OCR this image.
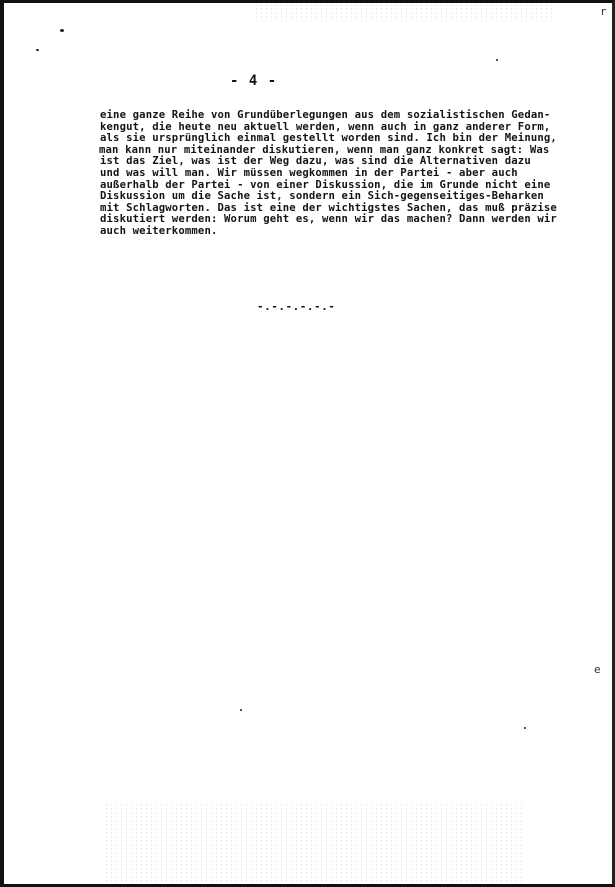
r
- 4 -
eine ganze Reihe von Grundüberlegungen aus dem sozialistischen Gedan-
kengut, die heute neu aktuell werden, wenn auch in ganz anderer Form,
als sie ursprünglich einmal gestellt worden sind. Ich bin der Meinung,
man kann nur miteinander diskutieren, wenn man ganz konkret sagt: Was
ist das Ziel, was ist der Weg dazu, was sind die Alternativen dazu
und was will man. Wir müssen wegkommen in der Partei - aber auch
außerhalb der Partei - von einer Diskussion, die im Grunde nicht eine
Diskussion um die Sache ist, sondern ein Sich-gegenseitiges-Beharken
mit Schlagworten. Das ist eine der wichtigstes Sachen, das muß präzise
diskutiert werden: Worum geht es, wenn wir das machen? Dann werden wir
auch weiterkommen.
-.-.-.-.-.-
e
